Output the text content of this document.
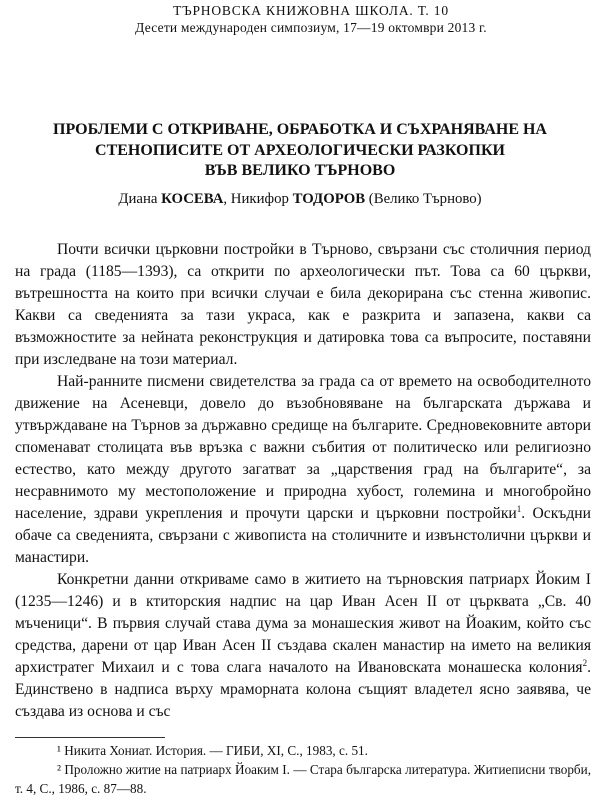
ТЪРНОВСКА КНИЖОВНА ШКОЛА. Т. 10
Десети международен симпозиум, 17—19 октомври 2013 г.
ПРОБЛЕМИ С ОТКРИВАНЕ, ОБРАБОТКА И СЪХРАНЯВАНЕ НА
СТЕНОПИСИТЕ ОТ АРХЕОЛОГИЧЕСКИ РАЗКОПКИ
ВЪВ ВЕЛИКО ТЪРНОВО
Диана КОСЕВА, Никифор ТОДОРОВ (Велико Търново)

Почти всички църковни постройки в Търново, свързани със столичния период на града (1185—1393), са открити по археологически път. Това са 60 църкви, вътрешността на които при всички случаи е била декорирана със стенна живопис. Какви са сведенията за тази украса, как е разкрита и запазена, какви са възможностите за нейната реконструкция и датировка това са въпросите, поставяни при изследване на този материал.

Най-ранните писмени свидетелства за града са от времето на освободителното движение на Асеневци, довело до възобновяване на българската държава и утвърждаване на Търнов за държавно средище на българите. Средновековните автори споменават столицата във връзка с важни събития от политическо или религиозно естество, като между другото загатват за „царствения град на българите“, за несравнимото му местоположение и природна хубост, големина и многобройно население, здрави укрепления и прочути царски и църковни постройки$^1$. Оскъдни обаче са сведенията, свързани с живописта на столичните и извънстолични църкви и манастири.

Конкретни данни откриваме само в житието на търновския патриарх Йоким I (1235—1246) и в ктиторския надпис на цар Иван Асен II от църквата „Св. 40 мъченици“. В първия случай става дума за монашеския живот на Йоаким, който със средства, дарени от цар Иван Асен II създава скален манастир на името на великия архистратег Михаил и с това слага началото на Ивановската монашеска колония$^2$. Единствено в надписа върху мраморната колона същият владетел ясно заявява, че създава из основа и със

¹ Никита Хониат. История. — ГИБИ, XI, С., 1983, с. 51.

² Проложно житие на патриарх Йоаким I. — Стара българска литература. Житиеписни творби, т. 4, С., 1986, с. 87—88.
